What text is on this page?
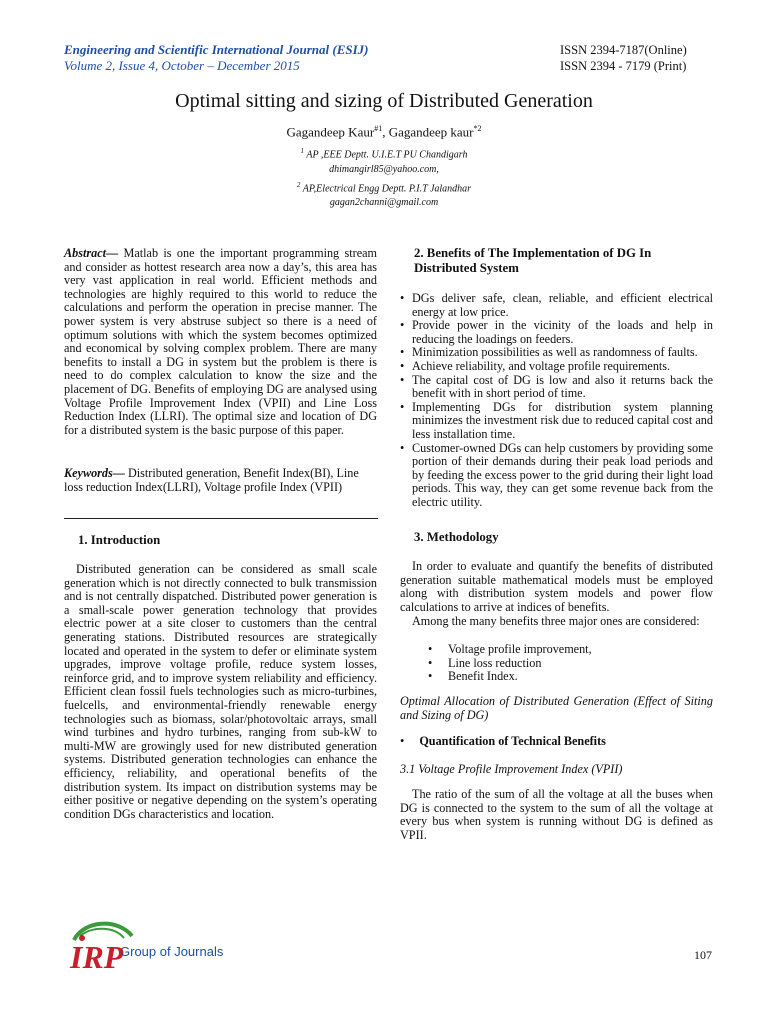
Engineering and Scientific International Journal (ESIJ)
Volume 2, Issue 4, October – December 2015
ISSN 2394-7187(Online)
ISSN 2394 - 7179 (Print)
Optimal sitting and sizing of Distributed Generation
Gagandeep Kaur$^{\#1}$, Gagandeep kaur$^{*2}$
$^1$ AP ,EEE Deptt. U.I.E.T PU Chandigarh
dhimangirl85@yahoo.com,
$^2$ AP,Electrical Engg Deptt. P.I.T Jalandhar
gagan2channi@gmail.com
Abstract— Matlab is one the important programming stream and consider as hottest research area now a day’s, this area has very vast application in real world. Efficient methods and technologies are highly required to this world to reduce the calculations and perform the operation in precise manner. The power system is very abstruse subject so there is a need of optimum solutions with which the system becomes optimized and economical by solving complex problem. There are many benefits to install a DG in system but the problem is there is need to do complex calculation to know the size and the placement of DG. Benefits of employing DG are analysed using Voltage Profile Improvement Index (VPII) and Line Loss Reduction Index (LLRI). The optimal size and location of DG for a distributed system is the basic purpose of this paper.
Keywords— Distributed generation, Benefit Index(BI), Line loss reduction Index(LLRI), Voltage profile Index (VPII)
1. Introduction
Distributed generation can be considered as small scale generation which is not directly connected to bulk transmission and is not centrally dispatched. Distributed power generation is a small-scale power generation technology that provides electric power at a site closer to customers than the central generating stations. Distributed resources are strategically located and operated in the system to defer or eliminate system upgrades, improve voltage profile, reduce system losses, reinforce grid, and to improve system reliability and efficiency. Efficient clean fossil fuels technologies such as micro-turbines, fuelcells, and environmental-friendly renewable energy technologies such as biomass, solar/photovoltaic arrays, small wind turbines and hydro turbines, ranging from sub-kW to multi-MW are growingly used for new distributed generation systems. Distributed generation technologies can enhance the efficiency, reliability, and operational benefits of the distribution system. Its impact on distribution systems may be either positive or negative depending on the system’s operating condition DGs characteristics and location.
2. Benefits of The Implementation of DG In Distributed System
• DGs deliver safe, clean, reliable, and efficient electrical energy at low price.
• Provide power in the vicinity of the loads and help in reducing the loadings on feeders.
• Minimization possibilities as well as randomness of faults.
• Achieve reliability, and voltage profile requirements.
• The capital cost of DG is low and also it returns back the benefit with in short period of time.
• Implementing DGs for distribution system planning minimizes the investment risk due to reduced capital cost and less installation time.
• Customer-owned DGs can help customers by providing some portion of their demands during their peak load periods and by feeding the excess power to the grid during their light load periods. This way, they can get some revenue back from the electric utility.
3. Methodology
In order to evaluate and quantify the benefits of distributed generation suitable mathematical models must be employed along with distribution system models and power flow calculations to arrive at indices of benefits.
Among the many benefits three major ones are considered:
• Voltage profile improvement,
• Line loss reduction
• Benefit Index.
Optimal Allocation of Distributed Generation (Effect of Siting and Sizing of DG)
• Quantification of Technical Benefits
3.1 Voltage Profile Improvement Index (VPII)
The ratio of the sum of all the voltage at all the buses when DG is connected to the system to the sum of all the voltage at every bus when system is running without DG is defined as VPII.
IRP
Group of Journals	107
